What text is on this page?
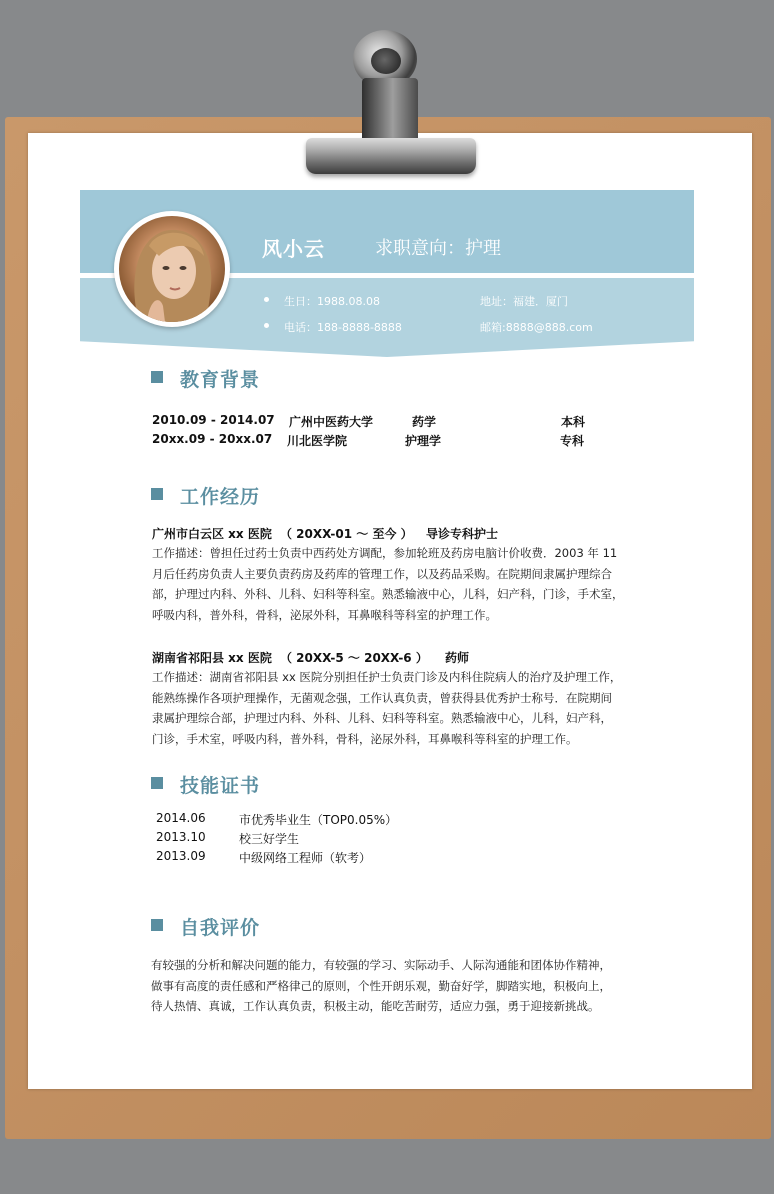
风小云	求职意向：护理
生日：1988.08.08	地址：福建．厦门
电话：188-8888-8888	邮箱:8888@888.com
教育背景
2010.09 - 2014.07 广州中医药大学	药学	本科
20xx.09 - 20xx.07 川北医学院	护理学	专科
工作经历
广州市白云区 xx 医院 （ 20XX-01 ～ 至今 ） 导诊专科护士
工作描述：曾担任过药士负责中西药处方调配，参加轮班及药房电脑计价收费．2003 年 11
月后任药房负责人主要负责药房及药库的管理工作，以及药品采购。在院期间隶属护理综合
部，护理过内科、外科、儿科、妇科等科室。熟悉输液中心，儿科，妇产科，门诊，手术室，
呼吸内科，普外科，骨科，泌尿外科，耳鼻喉科等科室的护理工作。
湖南省祁阳县 xx 医院 （ 20XX-5 ～ 20XX-6 ） 药师
工作描述：湖南省祁阳县 xx 医院分别担任护士负责门诊及内科住院病人的治疗及护理工作，
能熟练操作各项护理操作，无菌观念强，工作认真负责，曾获得县优秀护士称号．在院期间
隶属护理综合部，护理过内科、外科、儿科、妇科等科室。熟悉输液中心，儿科，妇产科，
门诊，手术室，呼吸内科，普外科，骨科，泌尿外科，耳鼻喉科等科室的护理工作。
技能证书
2014.06	市优秀毕业生（TOP0.05%）
2013.10	校三好学生
2013.09	中级网络工程师（软考）
自我评价
有较强的分析和解决问题的能力，有较强的学习、实际动手、人际沟通能和团体协作精神，
做事有高度的责任感和严格律己的原则，个性开朗乐观，勤奋好学，脚踏实地，积极向上，
待人热情、真诚，工作认真负责，积极主动，能吃苦耐劳，适应力强，勇于迎接新挑战。
